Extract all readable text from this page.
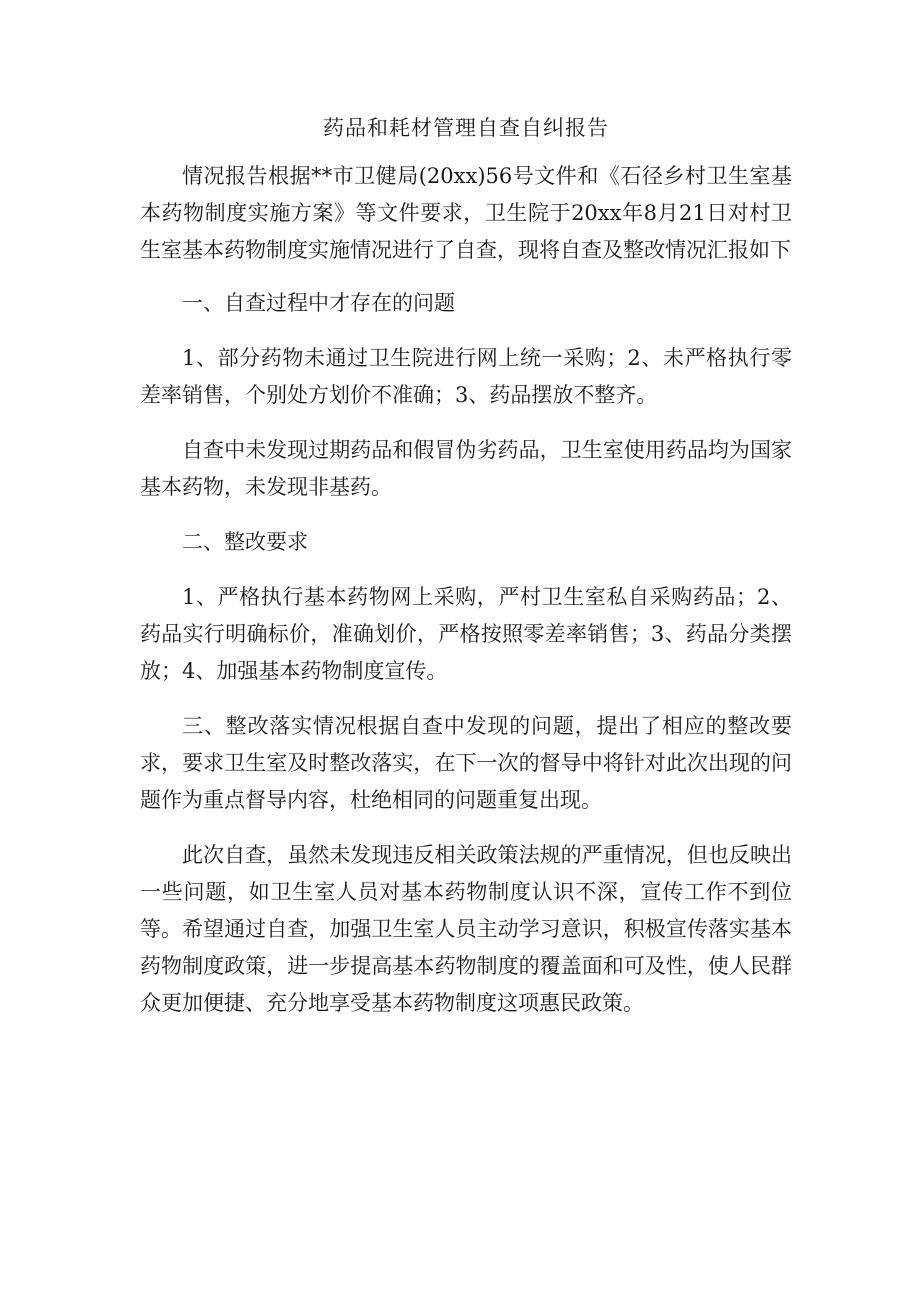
药品和耗材管理自查自纠报告

情况报告根据**市卫健局(20xx)56号文件和《石径乡村卫生室基本药物制度实施方案》等文件要求，卫生院于20xx年8月21日对村卫生室基本药物制度实施情况进行了自查，现将自查及整改情况汇报如下

一、自查过程中才存在的问题

1、部分药物未通过卫生院进行网上统一采购；2、未严格执行零差率销售，个别处方划价不准确；3、药品摆放不整齐。

自查中未发现过期药品和假冒伪劣药品，卫生室使用药品均为国家基本药物，未发现非基药。

二、整改要求

1、严格执行基本药物网上采购，严村卫生室私自采购药品；2、药品实行明确标价，准确划价，严格按照零差率销售；3、药品分类摆放；4、加强基本药物制度宣传。

三、整改落实情况根据自查中发现的问题，提出了相应的整改要求，要求卫生室及时整改落实，在下一次的督导中将针对此次出现的问题作为重点督导内容，杜绝相同的问题重复出现。

此次自查，虽然未发现违反相关政策法规的严重情况，但也反映出一些问题，如卫生室人员对基本药物制度认识不深，宣传工作不到位等。希望通过自查，加强卫生室人员主动学习意识，积极宣传落实基本药物制度政策，进一步提高基本药物制度的覆盖面和可及性，使人民群众更加便捷、充分地享受基本药物制度这项惠民政策。
